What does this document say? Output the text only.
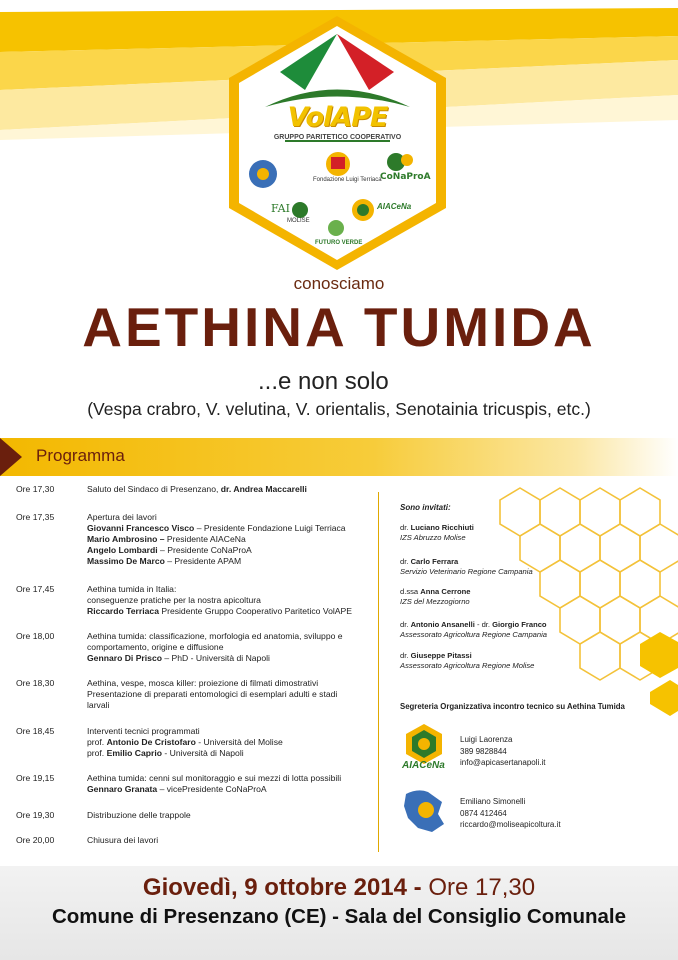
VolAPE
GRUPPO PARITETICO COOPERATIVO
Fondazione Luigi Terriaca
CoNaProA
FAI
MOLISE
AIACeNa
FUTURO VERDE
conosciamo
AETHINA TUMIDA
...e non solo
(Vespa crabro, V. velutina, V. orientalis, Senotainia tricuspis, etc.)
Programma
Ore 17,30	Saluto del Sindaco di Presenzano, dr. Andrea Maccarelli
Ore 17,35	Apertura dei lavori
Giovanni Francesco Visco – Presidente Fondazione Luigi Terriaca
Mario Ambrosino – Presidente AIACeNa
Angelo Lombardi – Presidente CoNaProA
Massimo De Marco – Presidente APAM
Ore 17,45	Aethina tumida in Italia:
conseguenze pratiche per la nostra apicoltura
Riccardo Terriaca Presidente Gruppo Cooperativo Paritetico VolAPE
Ore 18,00	Aethina tumida: classificazione, morfologia ed anatomia, sviluppo e
comportamento, origine e diffusione
Gennaro Di Prisco – PhD - Università di Napoli
Ore 18,30	Aethina, vespe, mosca killer: proiezione di filmati dimostrativi
Presentazione di preparati entomologici di esemplari adulti e stadi
larvali
Ore 18,45	Interventi tecnici programmati
prof. Antonio De Cristofaro - Università del Molise
prof. Emilio Caprio - Università di Napoli
Ore 19,15	Aethina tumida: cenni sul monitoraggio e sui mezzi di lotta possibili
Gennaro Granata – vicePresidente CoNaProA
Ore 19,30	Distribuzione delle trappole
Ore 20,00	Chiusura dei lavori
Sono invitati:
dr. Luciano Ricchiuti
IZS Abruzzo Molise
dr. Carlo Ferrara
Servizio Veterinario Regione Campania
d.ssa Anna Cerrone
IZS del Mezzogiorno
dr. Antonio Ansanelli - dr. Giorgio Franco
Assessorato Agricoltura Regione Campania
dr. Giuseppe Pitassi
Assessorato Agricoltura Regione Molise
Segreteria Organizzativa incontro tecnico su Aethina Tumida
AIACeNa
Luigi Laorenza
389 9828844
info@apicasertanapoli.it
Emiliano Simonelli
0874 412464
riccardo@moliseapicoltura.it
Giovedì, 9 ottobre 2014 - Ore 17,30
Comune di Presenzano (CE) - Sala del Consiglio Comunale
